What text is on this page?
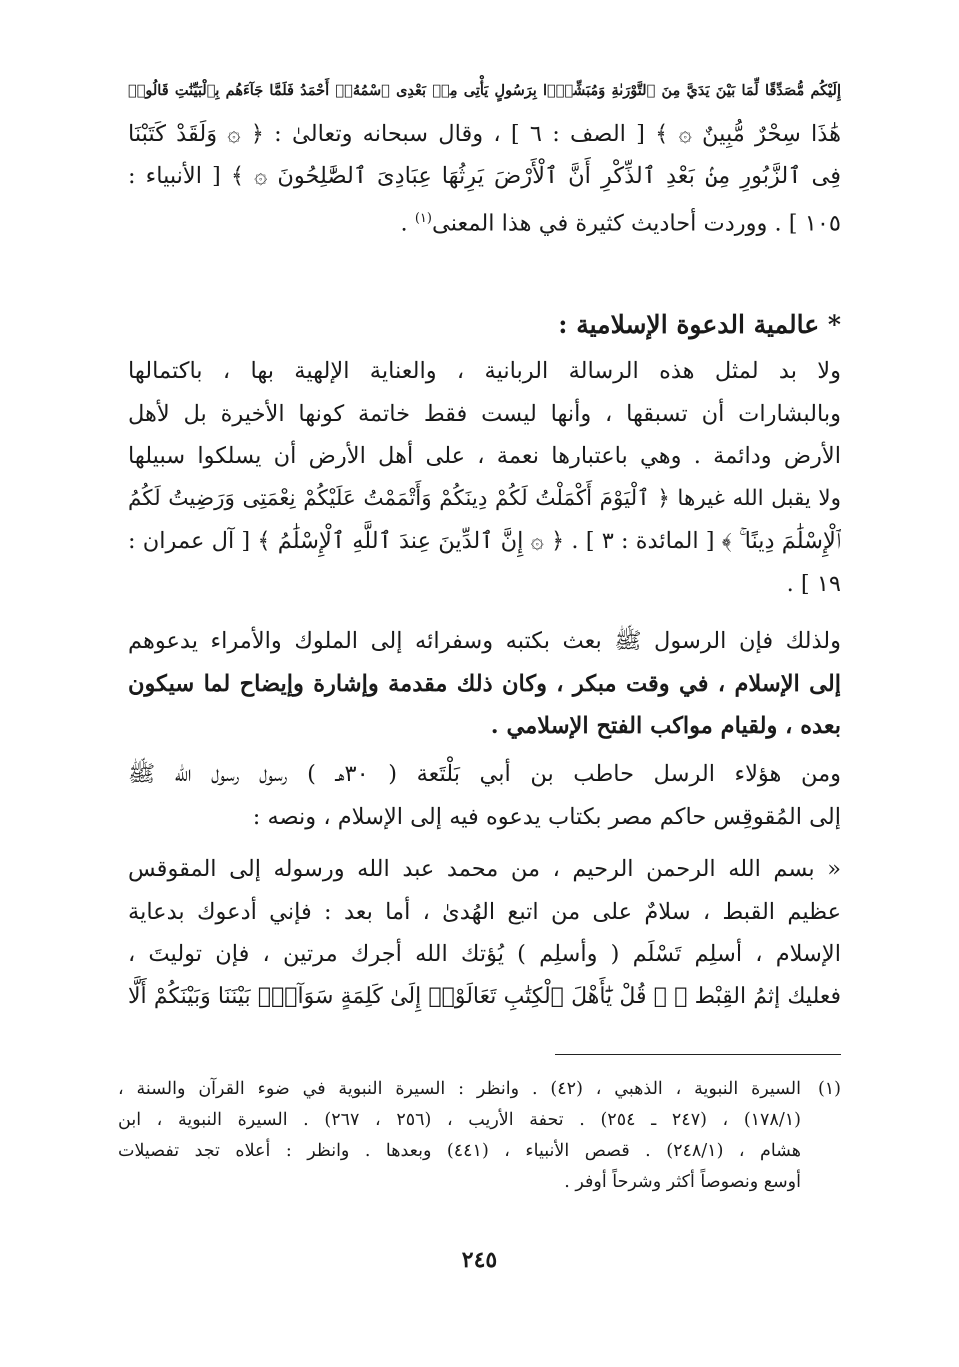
إِلَيْكُم مُّصَدِّقًا لِّمَا بَيْنَ يَدَيَّ مِنَ ٱلتَّوْرَىٰةِ وَمُبَشِّرًۢا بِرَسُولٍ يَأْتِى مِنۢ بَعْدِى ٱسْمُهُۥٓ أَحْمَدُ فَلَمَّا جَآءَهُم بِٱلْبَيِّنَٰتِ قَالُوا۟
هَٰذَا سِحْرٌ مُّبِينٌ ۞ ﴾ [ الصف : ٦ ] ، وقال سبحانه وتعالىٰ : ﴿ ۞ وَلَقَدْ كَتَبْنَا
فِى ٱلزَّبُورِ مِنۢ بَعْدِ ٱلذِّكْرِ أَنَّ ٱلْأَرْضَ يَرِثُهَا عِبَادِىَ ٱلصَّٰلِحُونَ ۞ ﴾ [ الأنبياء :
١٠٥ ] . ووردت أحاديث كثيرة في هذا المعنى$^{(١)}$ .
* عالمية الدعوة الإسلامية :
ولا بد لمثل هذه الرسالة الربانية ، والعناية الإلهية بها ، باكتمالها
وبالبشارات أن تسبقها ، وأنها ليست فقط خاتمة كونها الأخيرة بل لأهل
الأرض ودائمة . وهي باعتبارها نعمة ، على أهل الأرض أن يسلكوا سبيلها
ولا يقبل الله غيرها ﴿ ٱلْيَوْمَ أَكْمَلْتُ لَكُمْ دِينَكُمْ وَأَتْمَمْتُ عَلَيْكُمْ نِعْمَتِى وَرَضِيتُ لَكُمُ
ٱلْإِسْلَٰمَ دِينًا ۚ ﴾ [ المائدة : ٣ ] . ﴿ ۞ إِنَّ ٱلدِّينَ عِندَ ٱللَّهِ ٱلْإِسْلَٰمُ ﴾ [ آل عمران :
١٩ ] .
ولذلك فإن الرسول ﷺ بعث بكتبه وسفرائه إلى الملوك والأمراء يدعوهم
إلى الإسلام ، في وقت مبكر ، وكان ذلك مقدمة وإشارة وإيضاح لما سيكون
بعده ، ولقيام مواكب الفتح الإسلامي .
ومن هؤلاء الرسل حاطب بن أبي بَلْتَعة ( ٣٠هـ ) رسول رسول الله ﷺ
إلى المُقوقِس حاكم مصر بكتاب يدعوه فيه إلى الإسلام ، ونصه :
« بسم الله الرحمن الرحيم ، من محمد عبد الله ورسوله إلى المقوقس
عظيم القبط ، سلامٌ على من اتبع الهُدىٰ ، أما بعد : فإني أدعوك بدعاية
الإسلام ، أسلِم تَسْلَم ( وأسلِم ) يُؤتك الله أجرك مرتين ، فإن توليتَ ،
فعليك إثمُ القِبْط ﴿ ۞ قُلْ يَٰٓأَهْلَ ٱلْكِتَٰبِ تَعَالَوْا۟ إِلَىٰ كَلِمَةٍ سَوَآءٍۭ بَيْنَنَا وَبَيْنَكُمْ أَلَّا
(١)السيرة النبوية ، الذهبي ، (٤٢) . وانظر : السيرة النبوية في ضوء القرآن والسنة ،
(١٧٨/١) ، (٢٤٧ ـ ٢٥٤) . تحفة الأريب ، (٢٥٦ ، ٢٦٧) . السيرة النبوية ، ابن
هشام ، (٢٤٨/١) . قصص الأنبياء ، (٤٤١) وبعدها . وانظر : أعلاه تجد تفصيلات
أوسع ونصوصاً أكثر وشرحاً أوفر .
٢٤٥
